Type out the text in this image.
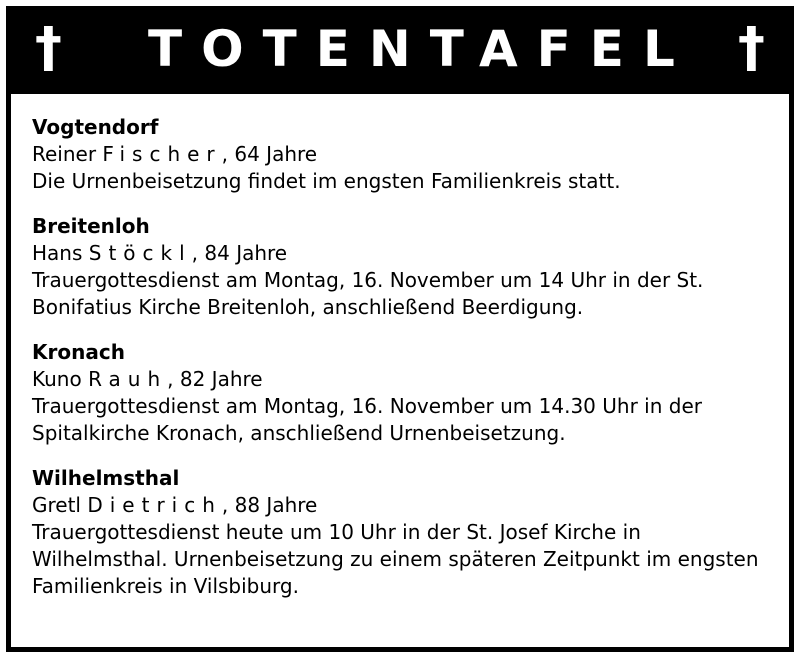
†	TOTENTAFEL †
Vogtendorf
Reiner Fischer, 64 Jahre
Die Urnenbeisetzung findet im engsten Familienkreis statt.
Breitenloh
Hans Stöckl, 84 Jahre
Trauergottesdienst am Montag, 16. November um 14 Uhr in der St. Bonifatius Kirche Breitenloh, anschließend Beerdigung.
Kronach
Kuno Rauh, 82 Jahre
Trauergottesdienst am Montag, 16. November um 14.30 Uhr in der Spitalkirche Kronach, anschließend Urnenbeisetzung.
Wilhelmsthal
Gretl Dietrich, 88 Jahre
Trauergottesdienst heute um 10 Uhr in der St. Josef Kirche in Wilhelmsthal. Urnenbeisetzung zu einem späteren Zeitpunkt im engsten Familienkreis in Vilsbiburg.
